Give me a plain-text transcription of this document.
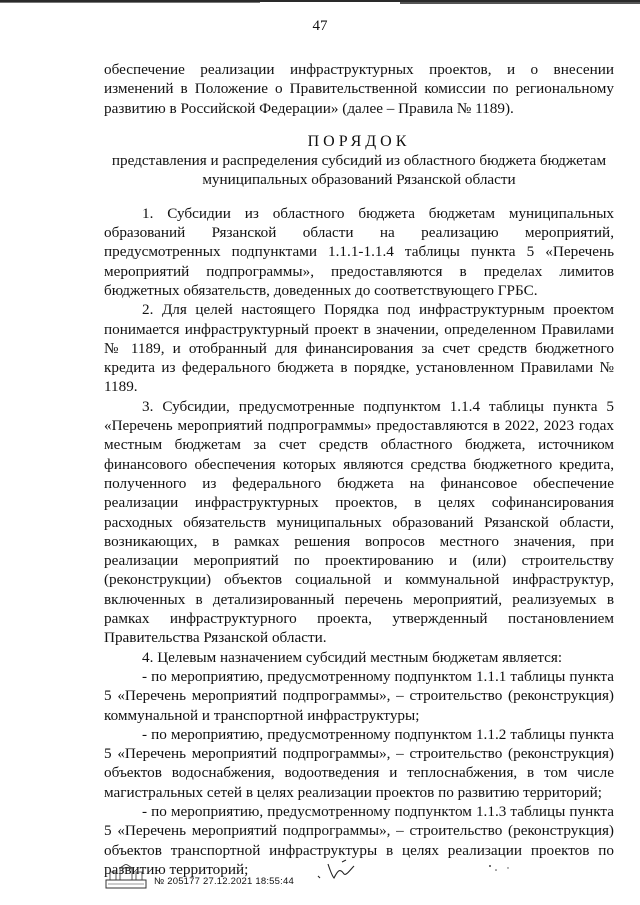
47

обеспечение реализации инфраструктурных проектов, и о внесении изменений в Положение о Правительственной комиссии по региональному развитию в Российской Федерации» (далее – Правила № 1189).

ПОРЯДОК

представления и распределения субсидий из областного бюджета бюджетам муниципальных образований Рязанской области

1. Субсидии из областного бюджета бюджетам муниципальных образований Рязанской области на реализацию мероприятий, предусмотренных подпунктами 1.1.1-1.1.4 таблицы пункта 5 «Перечень мероприятий подпрограммы», предоставляются в пределах лимитов бюджетных обязательств, доведенных до соответствующего ГРБС.

2. Для целей настоящего Порядка под инфраструктурным проектом понимается инфраструктурный проект в значении, определенном Правилами № 1189, и отобранный для финансирования за счет средств бюджетного кредита из федерального бюджета в порядке, установленном Правилами № 1189.

3. Субсидии, предусмотренные подпунктом 1.1.4 таблицы пункта 5 «Перечень мероприятий подпрограммы» предоставляются в 2022, 2023 годах местным бюджетам за счет средств областного бюджета, источником финансового обеспечения которых являются средства бюджетного кредита, полученного из федерального бюджета на финансовое обеспечение реализации инфраструктурных проектов, в целях софинансирования расходных обязательств муниципальных образований Рязанской области, возникающих, в рамках решения вопросов местного значения, при реализации мероприятий по проектированию и (или) строительству (реконструкции) объектов социальной и коммунальной инфраструктур, включенных в детализированный перечень мероприятий, реализуемых в рамках инфраструктурного проекта, утвержденный постановлением Правительства Рязанской области.

4. Целевым назначением субсидий местным бюджетам является:

- по мероприятию, предусмотренному подпунктом 1.1.1 таблицы пункта 5 «Перечень мероприятий подпрограммы», – строительство (реконструкция) коммунальной и транспортной инфраструктуры;

- по мероприятию, предусмотренному подпунктом 1.1.2 таблицы пункта 5 «Перечень мероприятий подпрограммы», – строительство (реконструкция) объектов водоснабжения, водоотведения и теплоснабжения, в том числе магистральных сетей в целях реализации проектов по развитию территорий;

- по мероприятию, предусмотренному подпунктом 1.1.3 таблицы пункта 5 «Перечень мероприятий подпрограммы», – строительство (реконструкция) объектов транспортной инфраструктуры в целях реализации проектов по развитию территорий;

№ 205177 27.12.2021 18:55:44
